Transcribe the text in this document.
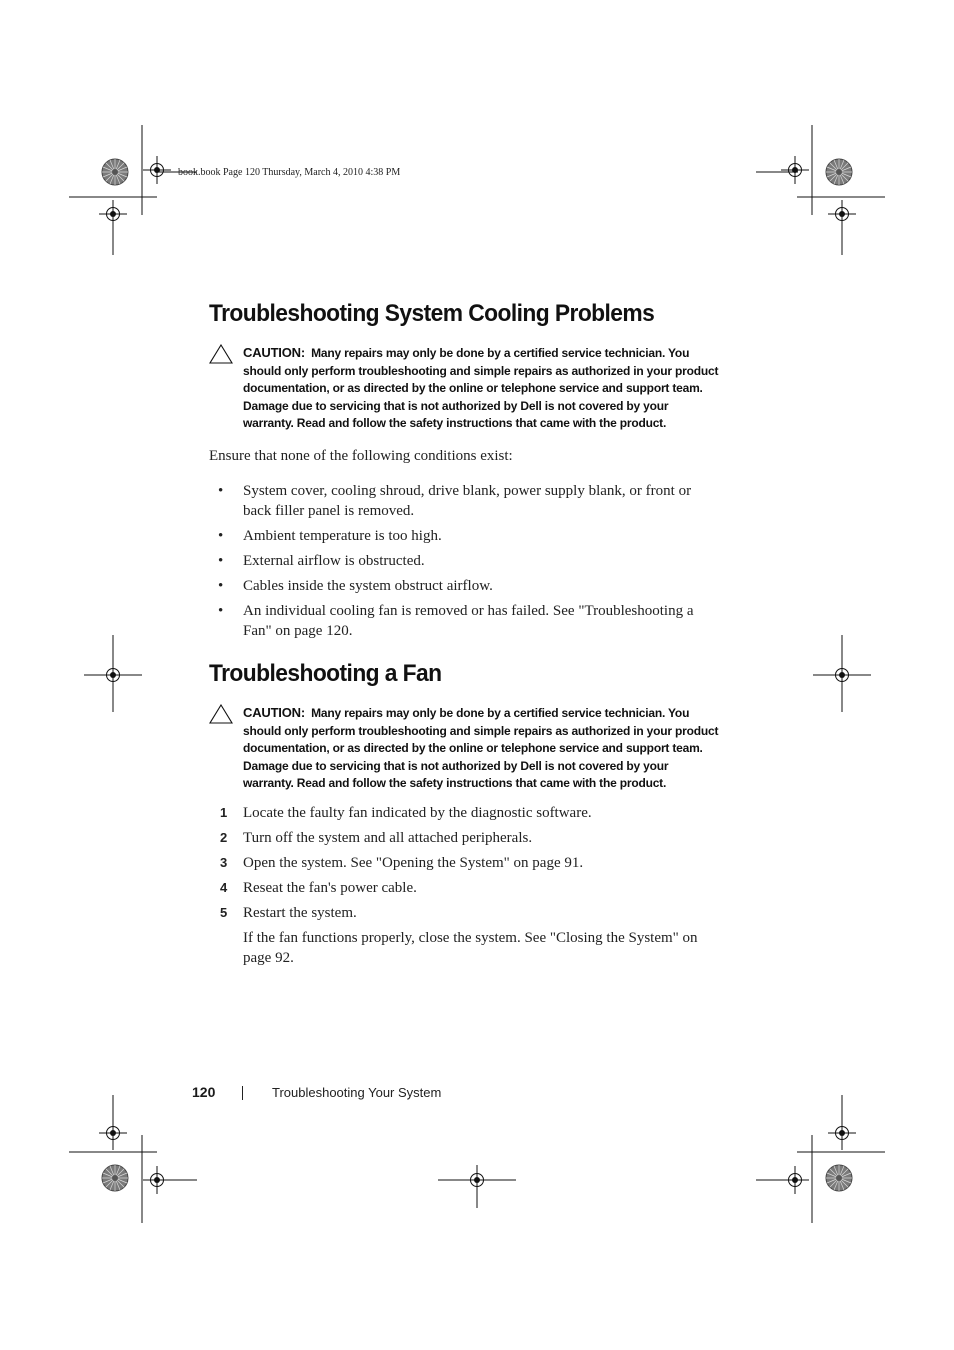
book.book Page 120 Thursday, March 4, 2010 4:38 PM
Troubleshooting System Cooling Problems
CAUTION: Many repairs may only be done by a certified service technician. You should only perform troubleshooting and simple repairs as authorized in your product documentation, or as directed by the online or telephone service and support team. Damage due to servicing that is not authorized by Dell is not covered by your warranty. Read and follow the safety instructions that came with the product.

Ensure that none of the following conditions exist:

• System cover, cooling shroud, drive blank, power supply blank, or front or back filler panel is removed.
• Ambient temperature is too high.
• External airflow is obstructed.
• Cables inside the system obstruct airflow.
• An individual cooling fan is removed or has failed. See "Troubleshooting a Fan" on page 120.
Troubleshooting a Fan
CAUTION: Many repairs may only be done by a certified service technician. You should only perform troubleshooting and simple repairs as authorized in your product documentation, or as directed by the online or telephone service and support team. Damage due to servicing that is not authorized by Dell is not covered by your warranty. Read and follow the safety instructions that came with the product.
1 Locate the faulty fan indicated by the diagnostic software.
2 Turn off the system and all attached peripherals.
3 Open the system. See "Opening the System" on page 91.
4 Reseat the fan's power cable.
5 Restart the system.
If the fan functions properly, close the system. See "Closing the System" on page 92.
120	Troubleshooting Your System
